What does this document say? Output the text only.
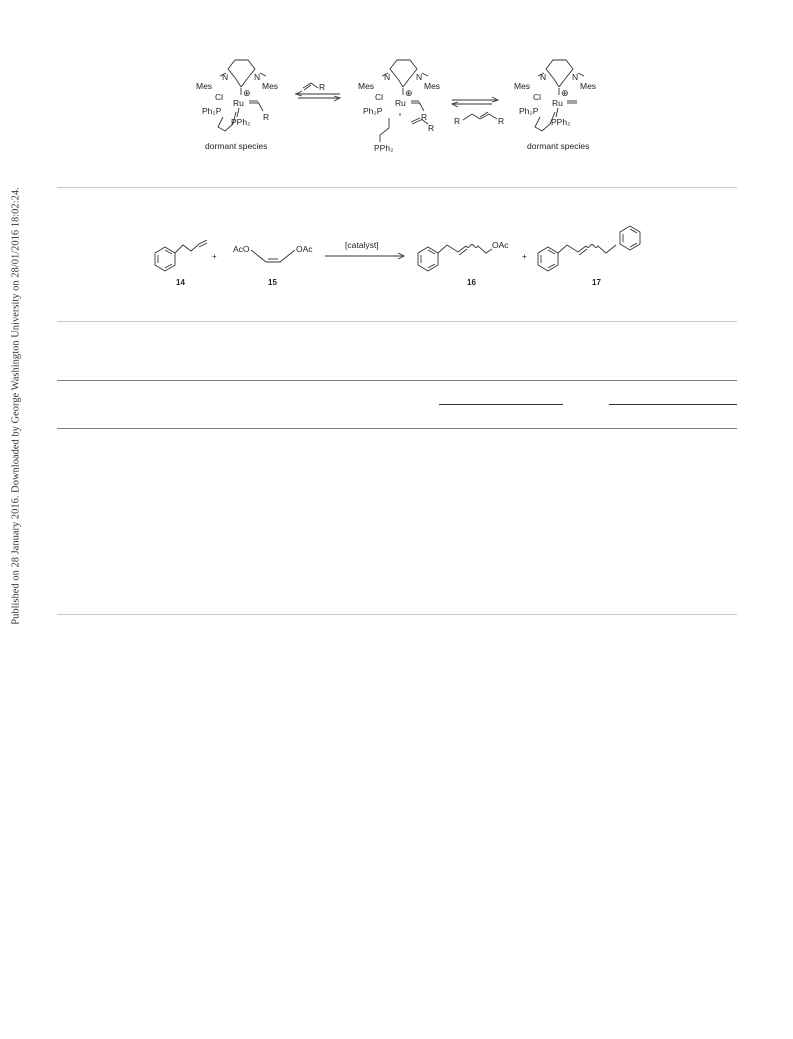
Published on 28 January 2016. Downloaded by George Washington University on 28/01/2016 18:02:24.
Mes
N	N
Mes
⊕
Cl
Ru
Ph₂P
PPh₂ R
dormant species
R	Mes
N	N
Mes
⊕
Cl
Ru
Ph₂P
R
R
PPh₂
R	R
Mes
N	N
Mes
⊕
Cl
Ru
Ph₂P
PPh₂
dormant species
+
AcO	OAc	[catalyst]	OAc
+
14	15	16	17
